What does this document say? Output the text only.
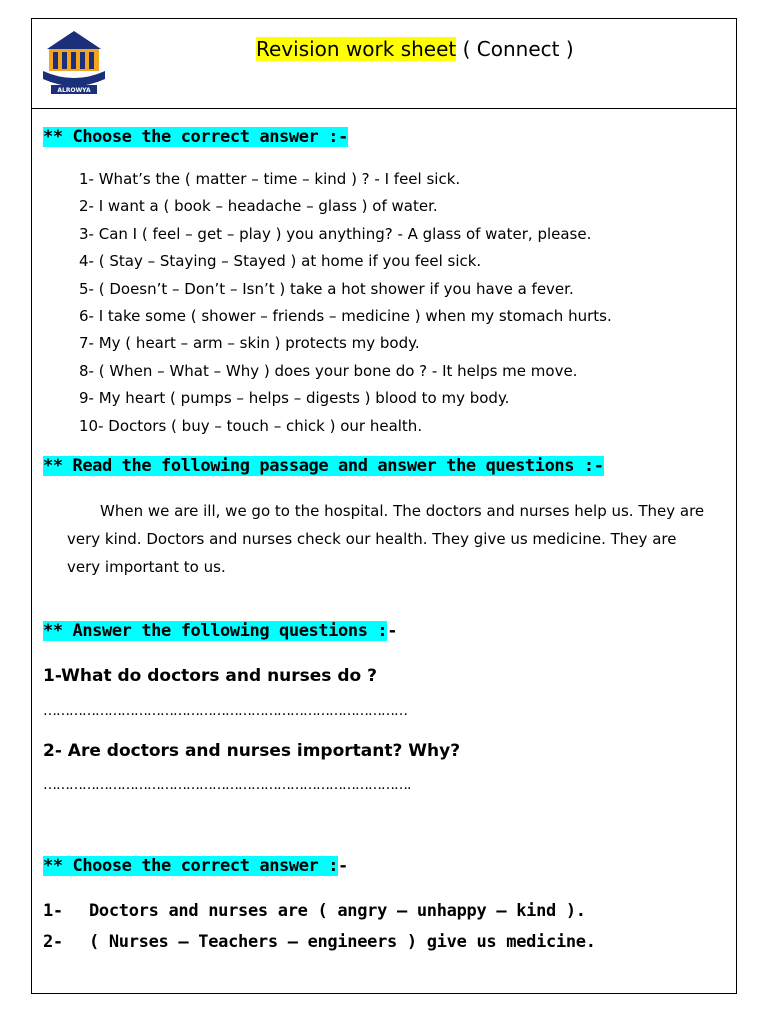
ALROWYA
Revision work sheet ( Connect )
** Choose the correct answer :-
1- What’s the ( matter – time – kind ) ? - I feel sick.
2- I want a ( book – headache – glass ) of water.
3- Can I ( feel – get – play ) you anything? - A glass of water, please.
4- ( Stay – Staying – Stayed ) at home if you feel sick.
5- ( Doesn’t – Don’t – Isn’t ) take a hot shower if you have a fever.
6- I take some ( shower – friends – medicine ) when my stomach hurts.
7- My ( heart – arm – skin ) protects my body.
8- ( When – What – Why ) does your bone do ? - It helps me move.
9- My heart ( pumps – helps – digests ) blood to my body.
10- Doctors ( buy – touch – chick ) our health.
** Read the following passage and answer the questions :-
When we are ill, we go to the hospital. The doctors and nurses help us. They are very kind. Doctors and nurses check our health. They give us medicine. They are very important to us.
** Answer the following questions :-
1-What do doctors and nurses do ?
…………………………………………………………………………
2- Are doctors and nurses important? Why?
………………………………………………………………………….
** Choose the correct answer :-
1- Doctors and nurses are ( angry – unhappy – kind ).
2- ( Nurses – Teachers – engineers ) give us medicine.
